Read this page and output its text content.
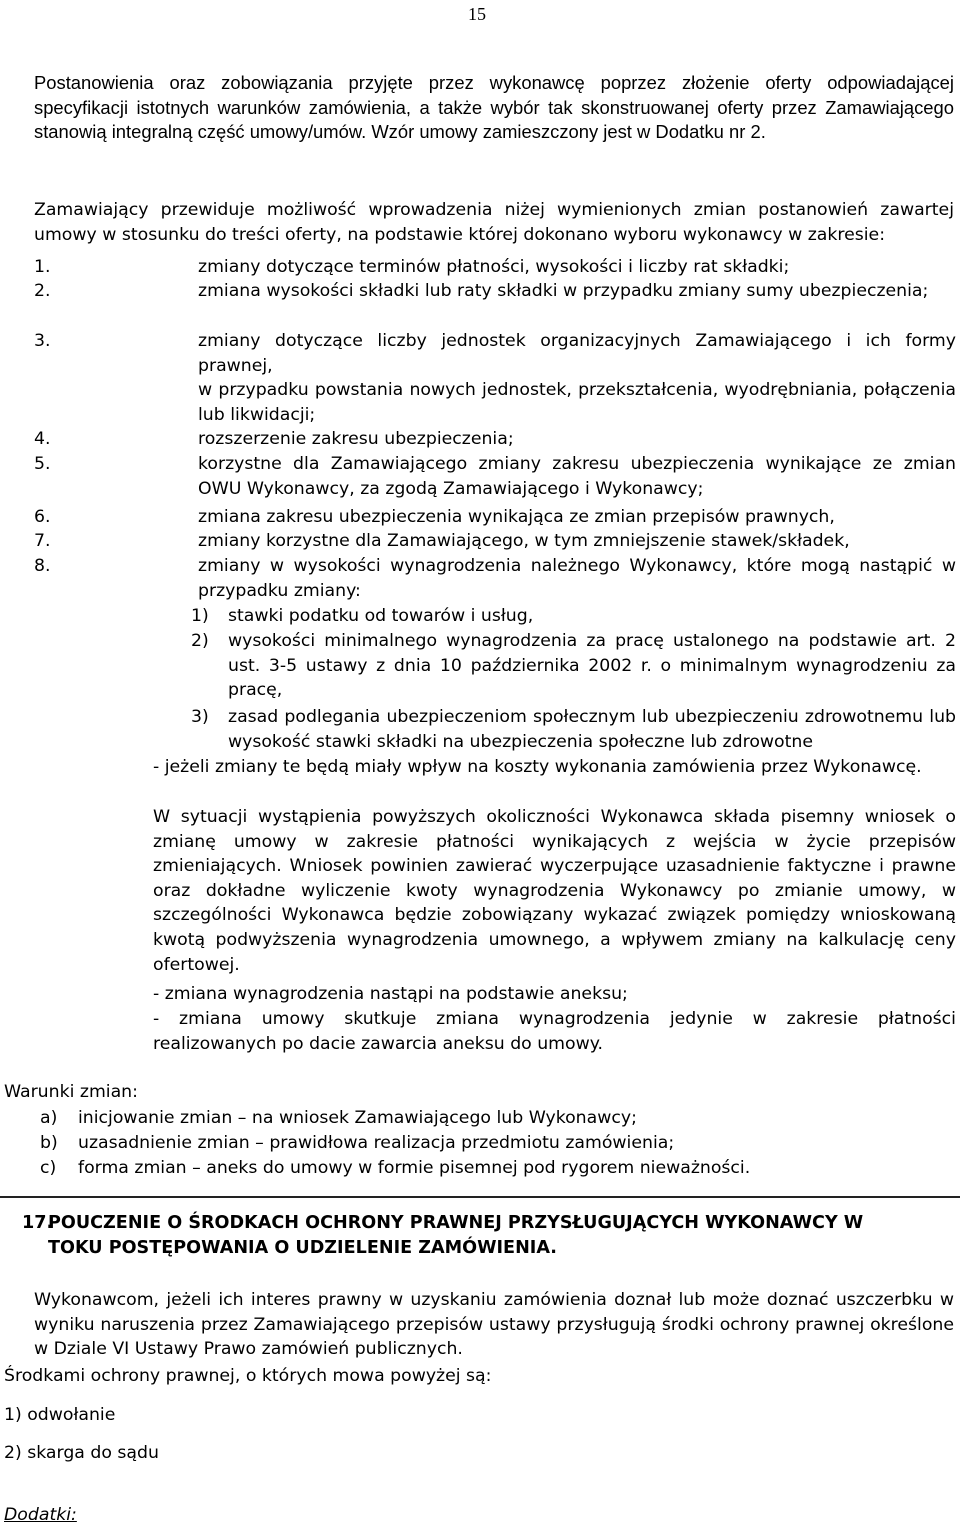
15
Postanowienia oraz zobowiązania przyjęte przez wykonawcę poprzez złożenie oferty odpowiadającej specyfikacji istotnych warunków zamówienia, a także wybór tak skonstruowanej oferty przez Zamawiającego stanowią integralną część umowy/umów. Wzór umowy zamieszczony jest w Dodatku nr 2.
Zamawiający przewiduje możliwość wprowadzenia niżej wymienionych zmian postanowień zawartej umowy w stosunku do treści oferty, na podstawie której dokonano wyboru wykonawcy w zakresie:
1.	zmiany dotyczące terminów płatności, wysokości i liczby rat składki;
2.	zmiana wysokości składki lub raty składki w przypadku zmiany sumy ubezpieczenia;
3.	zmiany dotyczące liczby jednostek organizacyjnych Zamawiającego i ich formy prawnej,
w przypadku powstania nowych jednostek, przekształcenia, wyodrębniania, połączenia lub likwidacji;
4.	rozszerzenie zakresu ubezpieczenia;
5.	korzystne dla Zamawiającego zmiany zakresu ubezpieczenia wynikające ze zmian OWU Wykonawcy, za zgodą Zamawiającego i Wykonawcy;
6.	zmiana zakresu ubezpieczenia wynikająca ze zmian przepisów prawnych,
7.	zmiany korzystne dla Zamawiającego, w tym zmniejszenie stawek/składek,
8.	zmiany w wysokości wynagrodzenia należnego Wykonawcy, które mogą nastąpić w przypadku zmiany:
1) stawki podatku od towarów i usług,
2) wysokości minimalnego wynagrodzenia za pracę ustalonego na podstawie art. 2 ust. 3-5 ustawy z dnia 10 października 2002 r. o minimalnym wynagrodzeniu za pracę,
3) zasad podlegania ubezpieczeniom społecznym lub ubezpieczeniu zdrowotnemu lub wysokość stawki składki na ubezpieczenia społeczne lub zdrowotne
- jeżeli zmiany te będą miały wpływ na koszty wykonania zamówienia przez Wykonawcę.
W sytuacji wystąpienia powyższych okoliczności Wykonawca składa pisemny wniosek o zmianę umowy w zakresie płatności wynikających z wejścia w życie przepisów zmieniających. Wniosek powinien zawierać wyczerpujące uzasadnienie faktyczne i prawne oraz dokładne wyliczenie kwoty wynagrodzenia Wykonawcy po zmianie umowy, w szczególności Wykonawca będzie zobowiązany wykazać związek pomiędzy wnioskowaną kwotą podwyższenia wynagrodzenia umownego, a wpływem zmiany na kalkulację ceny ofertowej.
- zmiana wynagrodzenia nastąpi na podstawie aneksu;
- zmiana umowy skutkuje zmiana wynagrodzenia jedynie w zakresie płatności realizowanych po dacie zawarcia aneksu do umowy.
Warunki zmian:
a) inicjowanie zmian – na wniosek Zamawiającego lub Wykonawcy;
b) uzasadnienie zmian – prawidłowa realizacja przedmiotu zamówienia;
c) forma zmian – aneks do umowy w formie pisemnej pod rygorem nieważności.
17.POUCZENIE O ŚRODKACH OCHRONY PRAWNEJ PRZYSŁUGUJĄCYCH WYKONAWCY W
TOKU POSTĘPOWANIA O UDZIELENIE ZAMÓWIENIA.
Wykonawcom, jeżeli ich interes prawny w uzyskaniu zamówienia doznał lub może doznać uszczerbku w wyniku naruszenia przez Zamawiającego przepisów ustawy przysługują środki ochrony prawnej określone w Dziale VI Ustawy Prawo zamówień publicznych.
Środkami ochrony prawnej, o których mowa powyżej są:
1) odwołanie
2) skarga do sądu
Dodatki:
